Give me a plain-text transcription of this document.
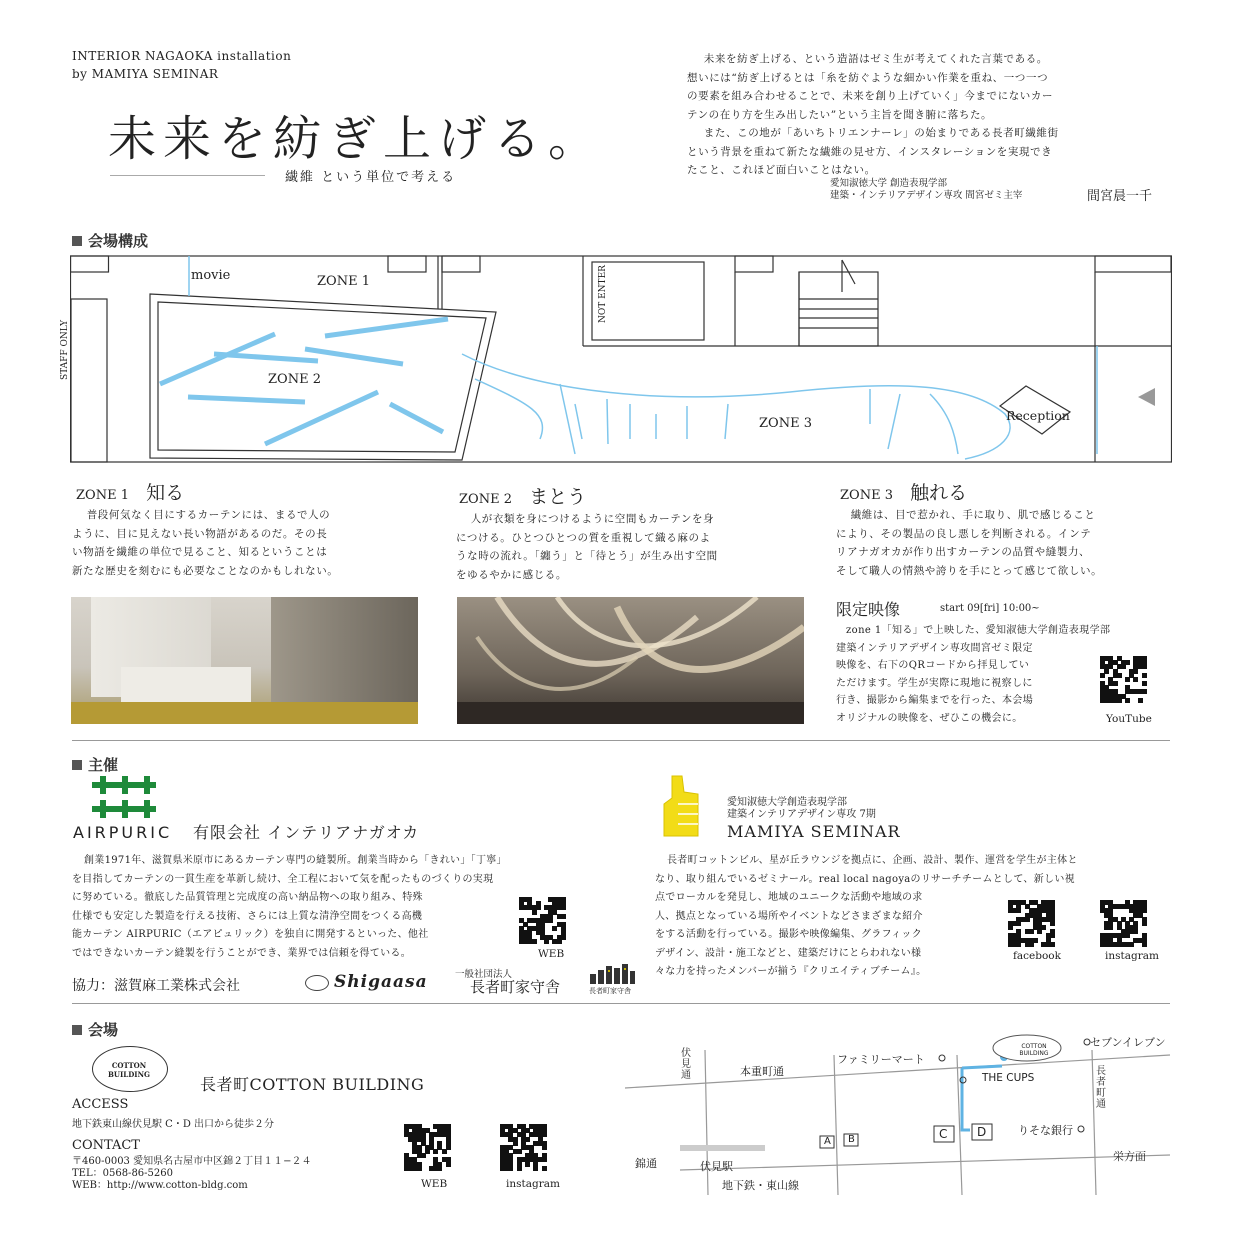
INTERIOR NAGAOKA installation
by MAMIYA SEMINAR
未来を紡ぎ上げる。
繊維 という単位で考える
未来を紡ぎ上げる、という造語はゼミ生が考えてくれた言葉である。
想いには“紡ぎ上げるとは「糸を紡ぐような細かい作業を重ね、一つ一つ
の要素を組み合わせることで、未来を創り上げていく」今までにないカー
テンの在り方を生み出したい”という主旨を聞き腑に落ちた。
また、この地が「あいちトリエンナーレ」の始まりである長者町繊維街
という背景を重ねて新たな繊維の見せ方、インスタレーションを実現でき
たこと、これほど面白いことはない。
愛知淑徳大学 創造表現学部
建築・インテリアデザイン専攻 間宮ゼミ主宰	間宮晨一千
会場構成
movie	ZONE 1
ZONE 2
ZONE 3
Reception
STAFF ONLY
NOT ENTER
ZONE 1 知る
普段何気なく目にするカーテンには、まるで人の
ように、目に見えない長い物語があるのだ。その長
い物語を繊維の単位で見ること、知るということは
新たな歴史を刻むにも必要なことなのかもしれない。
ZONE 2 まとう
人が衣類を身につけるように空間もカーテンを身
につける。ひとつひとつの質を重視して織る麻のよ
うな時の流れ。「纏う」と「待とう」が生み出す空間
をゆるやかに感じる。
ZONE 3 触れる
繊維は、目で惹かれ、手に取り、肌で感じること
により、その製品の良し悪しを判断される。インテ
リアナガオカが作り出すカーテンの品質や縫製力、
そして職人の情熱や誇りを手にとって感じて欲しい。
限定映像	start 09[fri] 10:00~
zone 1「知る」で上映した、愛知淑徳大学創造表現学部
建築インテリアデザイン専攻間宮ゼミ限定
映像を、右下のQRコードから拝見してい
ただけます。学生が実際に現地に視察しに
行き、撮影から編集までを行った、本会場
オリジナルの映像を、ぜひこの機会に。	YouTube
主催
AIRPURIC 有限会社 インテリアナガオカ
創業1971年、滋賀県米原市にあるカーテン専門の縫製所。創業当時から「きれい」「丁寧」
を目指してカーテンの一貫生産を革新し続け、全工程において気を配ったものづくりの実現
に努めている。徹底した品質管理と完成度の高い納品物への取り組み、特殊
仕様でも安定した製造を行える技術、さらには上質な清浄空間をつくる高機
能カーテン AIRPURIC（エアピュリック）を独自に開発するといった、他社
ではできないカーテン縫製を行うことができ、業界では信頼を得ている。	WEB
協力：滋賀麻工業株式会社	Shigaasa	一般社団法人
長者町家守舎	長者町家守舎
愛知淑徳大学創造表現学部
建築インテリアデザイン専攻 7期
MAMIYA SEMINAR
長者町コットンビル、星が丘ラウンジを拠点に、企画、設計、製作、運営を学生が主体と
なり、取り組んでいるゼミナール。real local nagoyaのリサーチチームとして、新しい視
点でローカルを発見し、地域のユニークな活動や地域の求
人、拠点となっている場所やイベントなどさまざまな紹介
をする活動を行っている。撮影や映像編集、グラフィック
デザイン、設計・施工などと、建築だけにとらわれない様
々な力を持ったメンバーが揃う『クリエイティブチーム』。
facebook	instagram
会場
COTTON BUILDING
長者町COTTON BUILDING
ACCESS
地下鉄東山線伏見駅 C・D 出口から徒歩２分
CONTACT
〒460-0003 愛知県名古屋市中区錦２丁目１１−２４
TEL：0568-86-5260
WEB：http://www.cotton-bldg.com	WEB	instagram
伏見通	本重町通
ファミリーマート
セブンイレブン
THE CUPS
長者町通
りそな銀行
錦通	伏見駅
地下鉄・東山線
栄方面
A B	C D
COTTON BUILDING
